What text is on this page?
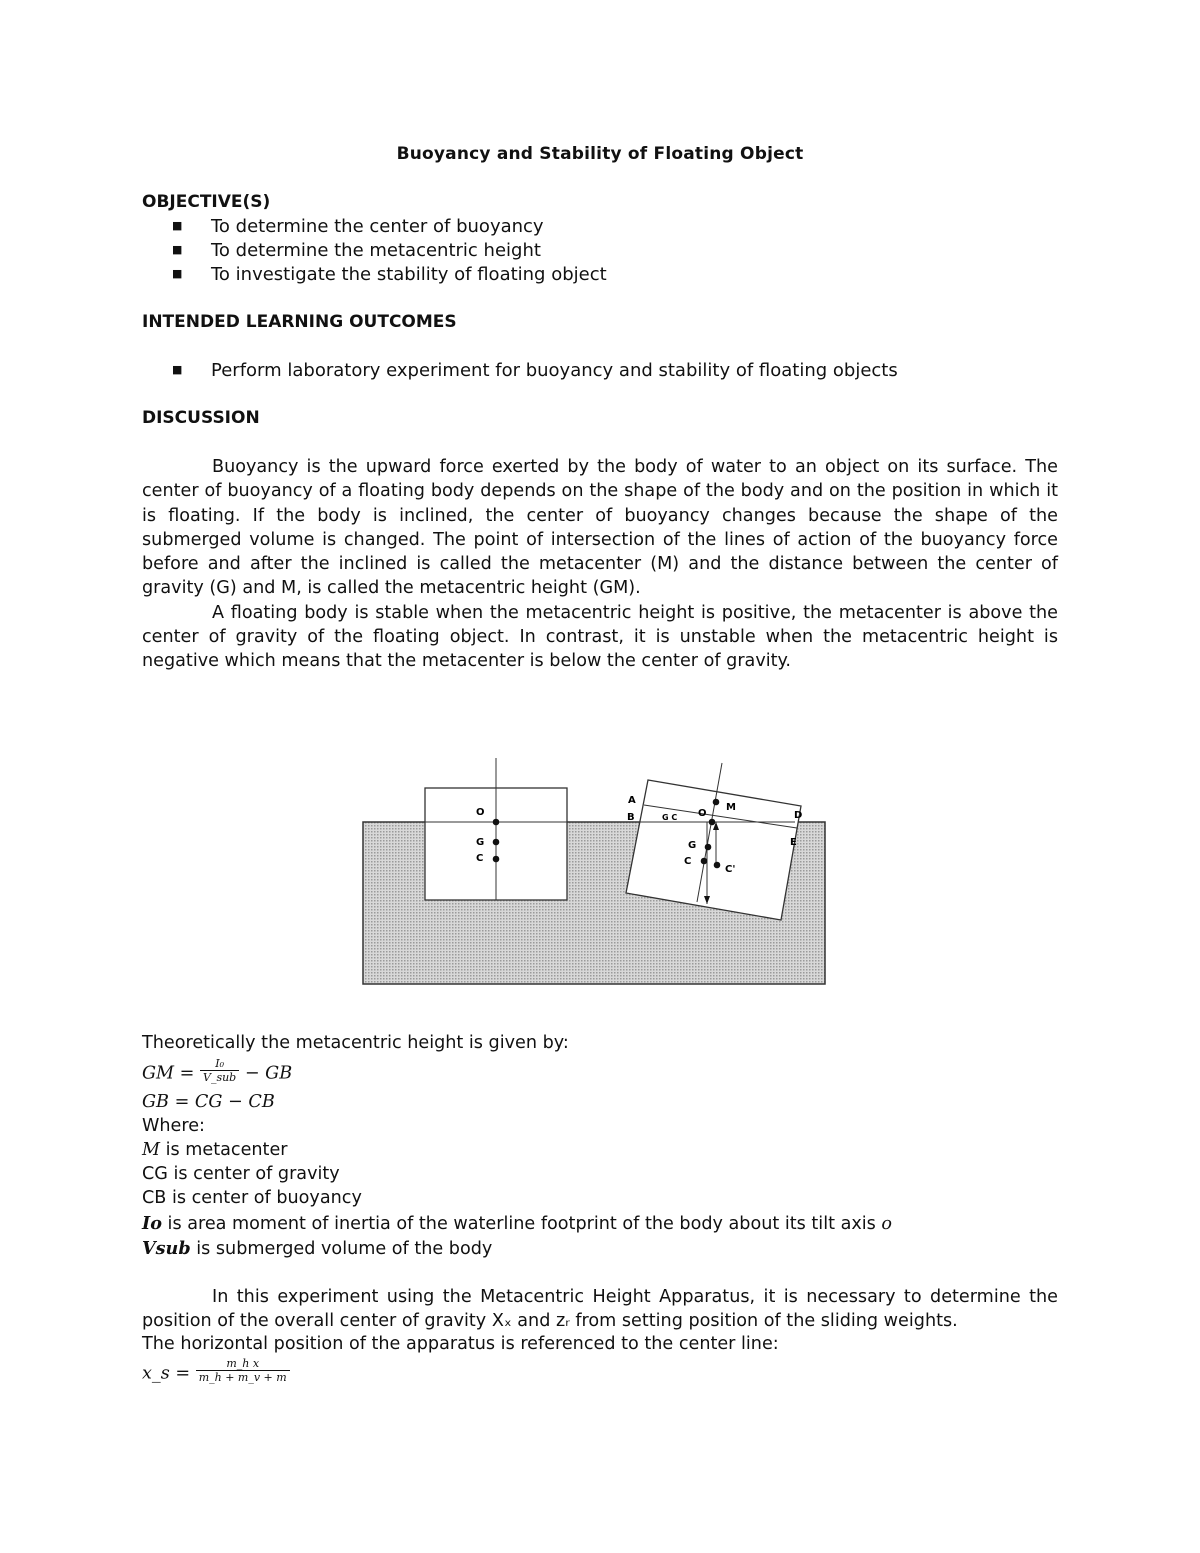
Buoyancy and Stability of Floating Object
OBJECTIVE(S)
■ To determine the center of buoyancy
■ To determine the metacentric height
■ To investigate the stability of floating object
INTENDED LEARNING OUTCOMES
■ Perform laboratory experiment for buoyancy and stability of floating objects
DISCUSSION
Buoyancy is the upward force exerted by the body of water to an object on its surface. The center of buoyancy of a floating body depends on the shape of the body and on the position in which it is floating. If the body is inclined, the center of buoyancy changes because the shape of the submerged volume is changed. The point of intersection of the lines of action of the buoyancy force before and after the inclined is called the metacenter (M) and the distance between the center of gravity (G) and M, is called the metacentric height (GM).
A floating body is stable when the metacentric height is positive, the metacenter is above the center of gravity of the floating object. In contrast, it is unstable when the metacentric height is negative which means that the metacenter is below the center of gravity.
O
G
C
A
B	D
E
M
O
G C
G
C
C'
Theoretically the metacentric height is given by:
GM = $\frac{\text{I₀}}{\text{V\_sub}}$ − GB
GB = CG − CB
Where:
M is metacenter
CG is center of gravity
CB is center of buoyancy
Io is area moment of inertia of the waterline footprint of the body about its tilt axis o
Vsub is submerged volume of the body
In this experiment using the Metacentric Height Apparatus, it is necessary to determine the position of the overall center of gravity Xₓ and zᵣ from setting position of the sliding weights.
The horizontal position of the apparatus is referenced to the center line:
x_s = $\frac{\text{m\_h x}}{m\_h + m\_v + m}$
